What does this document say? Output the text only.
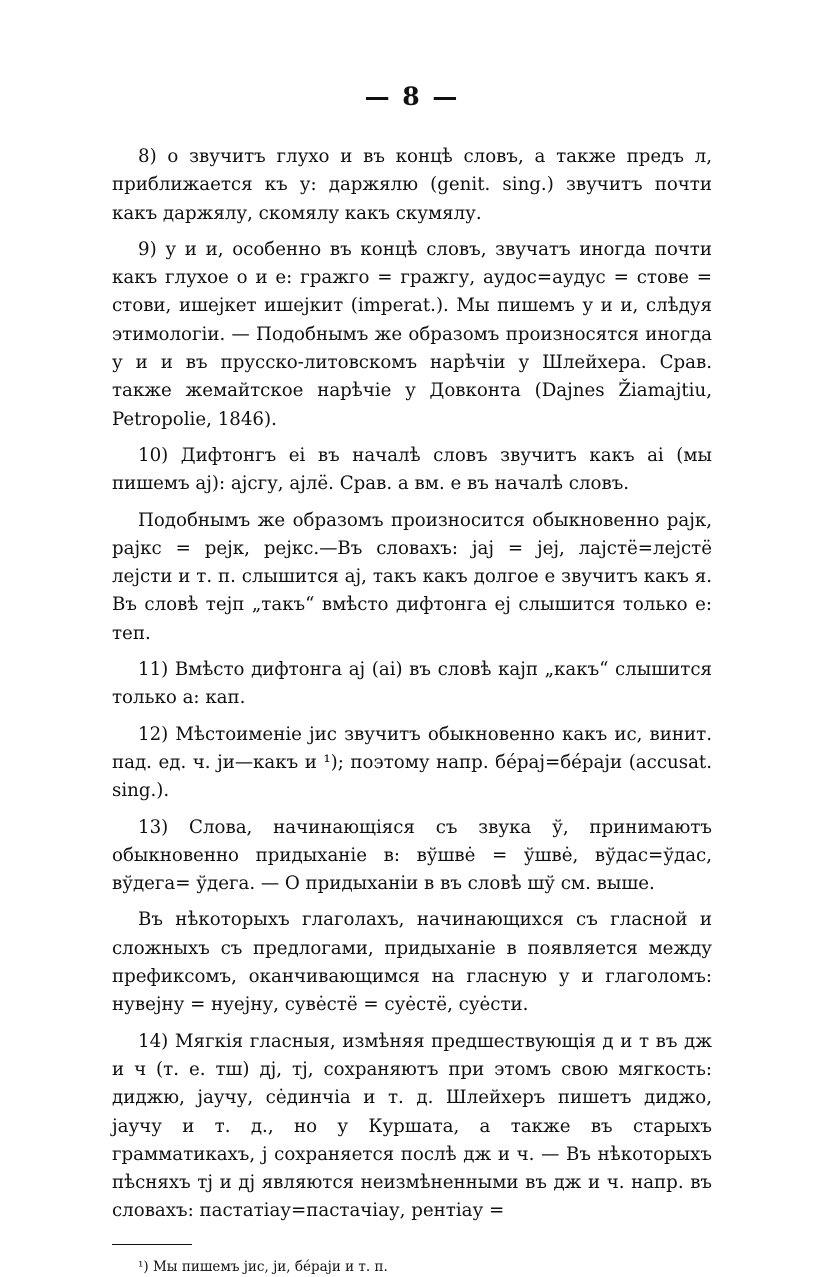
— 8 —

8) о звучитъ глухо и въ концѣ словъ, а также предъ л, приближается къ у: даржялю (genit. sing.) звучитъ почти какъ даржялу, скомялу какъ скумялу.

9) у и и, особенно въ концѣ словъ, звучатъ иногда почти какъ глухое о и е: гражго = гражгу, аудос=аудус = стове = стови, ишејкет ишејкит (imperat.). Мы пишемъ у и и, слѣдуя этимологіи. — Подобнымъ же образомъ произносятся иногда у и и въ прусско-литовскомъ нарѣчіи у Шлейхера. Срав. также жемайтское нарѣчіе у Довконта (Dajnes Žiamajtiu, Petropolie, 1846).

10) Дифтонгъ еі въ началѣ словъ звучитъ какъ аі (мы пишемъ ај): ајсгу, ајлё. Срав. а вм. е въ началѣ словъ.

Подобнымъ же образомъ произносится обыкновенно рајк, рајкс = рејк, рејкс.—Въ словахъ: јај = јеј, лајстё=лејстё лејсти и т. п. слышится ај, такъ какъ долгое е звучитъ какъ я. Въ словѣ тејп „такъ“ вмѣсто дифтонга еј слышится только е: теп.

11) Вмѣсто дифтонга ај (аі) въ словѣ кајп „какъ“ слышится только а: кап.

12) Мѣстоименіе јис звучитъ обыкновенно какъ ис, винит. пад. ед. ч. ји—какъ и ¹); поэтому напр. бéрај=бéраји (accusat. sing.).

13) Слова, начинающіяся съ звука ў, принимаютъ обыкновенно придыханіе в: вўшвė = ўшвė, вўдас=ўдас, вўдега= ўдега. — О придыханіи в въ словѣ шў см. выше.

Въ нѣкоторыхъ глаголахъ, начинающихся съ гласной и сложныхъ съ предлогами, придыханіе в появляется между префиксомъ, оканчивающимся на гласную у и глаголомъ: нувејну = нуејну, сувėстё = суėстё, суėсти.

14) Мягкія гласныя, измѣняя предшествующія д и т въ дж и ч (т. е. тш) дј, тј, сохраняютъ при этомъ свою мягкость: диджю, јаучу, сėдинчіа и т. д. Шлейхеръ пишетъ диджо, јаучу и т. д., но у Куршата, а также въ старыхъ грамматикахъ, ј сохраняется послѣ дж и ч. — Въ нѣкоторыхъ пѣсняхъ тј и дј являются неизмѣненными въ дж и ч. напр. въ словахъ: пастатіау=пастачіау, рентіау =

¹) Мы пишемъ јис, ји, бéраји и т. п.
